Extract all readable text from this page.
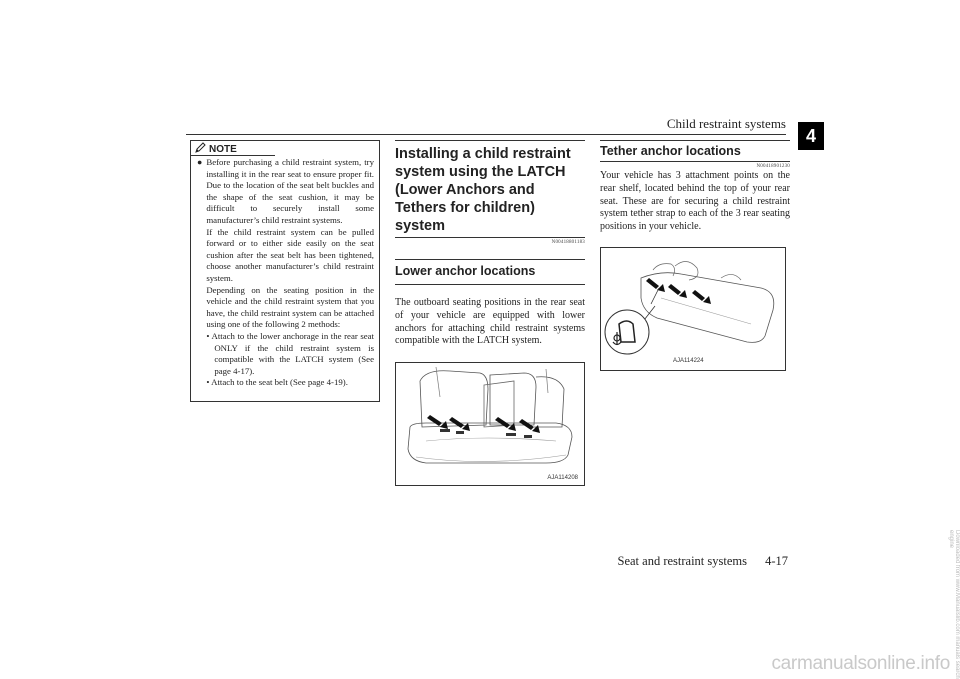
Child restraint systems
4
NOTE
● Before purchasing a child restraint system, try installing it in the rear seat to ensure proper fit. Due to the location of the seat belt buckles and the shape of the seat cushion, it may be difficult to securely install some manufacturer’s child restraint systems.

If the child restraint system can be pulled forward or to either side easily on the seat cushion after the seat belt has been tightened, choose another manufacturer’s child restraint system.

Depending on the seating position in the vehicle and the child restraint system that you have, the child restraint system can be attached using one of the following 2 methods:

• Attach to the lower anchorage in the rear seat ONLY if the child restraint system is compatible with the LATCH system (See page 4-17).

• Attach to the seat belt (See page 4-19).

Installing a child restraint system using the LATCH (Lower Anchors and Tethers for children) system
N00418801183
Lower anchor locations

The outboard seating positions in the rear seat of your vehicle are equipped with lower anchors for attaching child restraint systems compatible with the LATCH system.

AJA114208
Tether anchor locations
N00418901230

Your vehicle has 3 attachment points on the rear shelf, located behind the top of your rear seat. These are for securing a child restraint system tether strap to each of the 3 rear seating positions in your vehicle.

AJA114224
Seat and restraint systems 4-17
carmanualsonline.info Downloaded from www.Manualslib.com manuals search engine
